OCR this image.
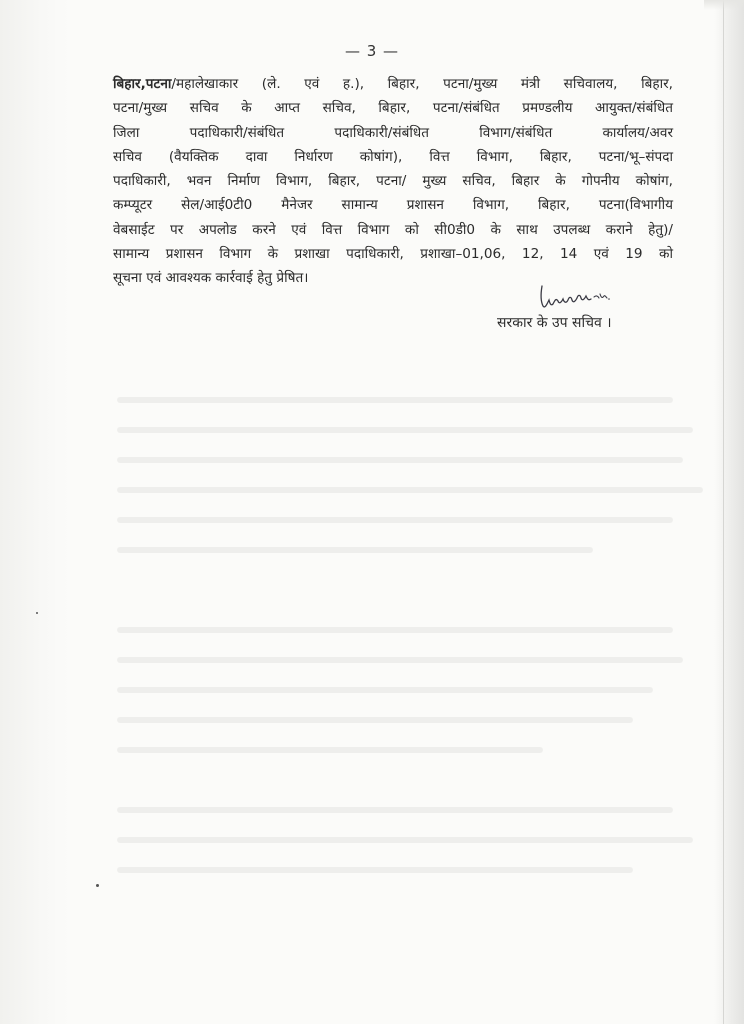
— 3 —
बिहार,पटना/महालेखाकार (ले. एवं ह.), बिहार, पटना/मुख्य मंत्री सचिवालय, बिहार,
पटना/मुख्य सचिव के आप्त सचिव, बिहार, पटना/संबंधित प्रमण्डलीय आयुक्त/संबंधित
जिला पदाधिकारी/संबंधित पदाधिकारी/संबंधित विभाग/संबंधित कार्यालय/अवर
सचिव (वैयक्तिक दावा निर्धारण कोषांग), वित्त विभाग, बिहार, पटना/भू–संपदा
पदाधिकारी, भवन निर्माण विभाग, बिहार, पटना/ मुख्य सचिव, बिहार के गोपनीय कोषांग,
कम्प्यूटर सेल/आई0टी0 मैनेजर सामान्य प्रशासन विभाग, बिहार, पटना(विभागीय
वेबसाईट पर अपलोड करने एवं वित्त विभाग को सी0डी0 के साथ उपलब्ध कराने हेतु)/
सामान्य प्रशासन विभाग के प्रशाखा पदाधिकारी, प्रशाखा–01,06, 12, 14 एवं 19 को
सूचना एवं आवश्यक कार्रवाई हेतु प्रेषित।
सरकार के उप सचिव ।
